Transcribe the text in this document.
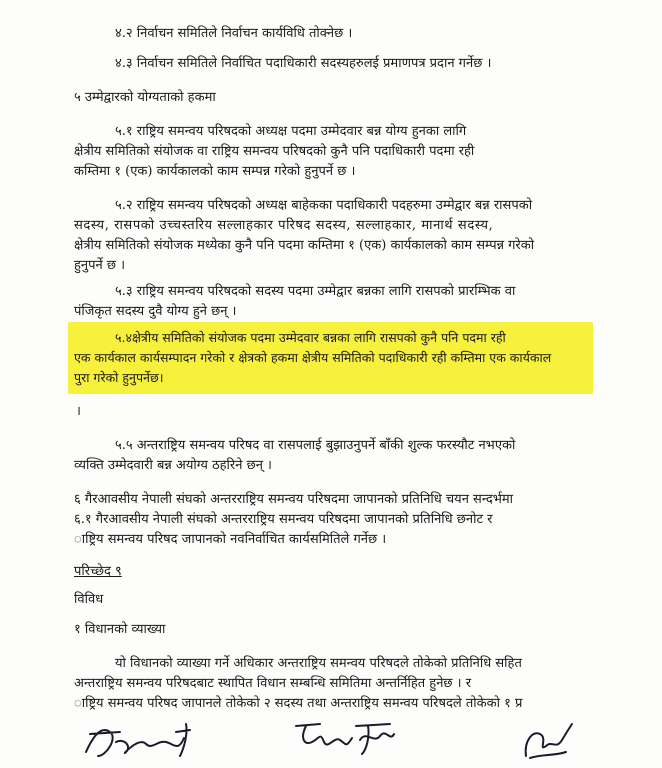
४.२ निर्वाचन समितिले निर्वाचन कार्यविधि तोक्नेछ ।

४.३ निर्वाचन समितिले निर्वाचित पदाधिकारी सदस्यहरुलई प्रमाणपत्र प्रदान गर्नेछ ।

५ उम्मेद्वारको योग्यताको हकमा

५.१ राष्ट्रिय समन्वय परिषदको अध्यक्ष पदमा उम्मेदवार बन्न योग्य हुनका लागि

क्षेत्रीय समितिको संयोजक वा राष्ट्रिय समन्वय परिषदको कुनै पनि पदाधिकारी पदमा रही

कम्तिमा १ (एक) कार्यकालको काम सम्पन्न गरेको हुनुपर्ने छ ।

५.२ राष्ट्रिय समन्वय परिषदको अध्यक्ष बाहेकका पदाधिकारी पदहरुमा उम्मेद्वार बन्न रासपको

सदस्य, रासपको उच्चस्तरिय सल्लाहकार परिषद सदस्य, सल्लाहकार, मानार्थ सदस्य,

क्षेत्रीय समितिको संयोजक मध्येका कुनै पनि पदमा कम्तिमा १ (एक) कार्यकालको काम सम्पन्न गरेको

हुनुपर्ने छ ।

५.३ राष्ट्रिय समन्वय परिषदको सदस्य पदमा उम्मेद्वार बन्नका लागि रासपको प्रारम्भिक वा

पंजिकृत सदस्य दुवै योग्य हुने छन् ।

५.४क्षेत्रीय समितिको संयोजक पदमा उम्मेदवार बन्नका लागि रासपको कुनै पनि पदमा रही

एक कार्यकाल कार्यसम्पादन गरेको र क्षेत्रको हकमा क्षेत्रीय समितिको पदाधिकारी रही कम्तिमा एक कार्यकाल

पुरा गरेको हुनुपर्नेछ।

।

५.५ अन्तराष्ट्रिय समन्वय परिषद वा रासपलाई बुझाउनुपर्ने बाँकी शुल्क फरस्यौट नभएको

व्यक्ति उम्मेदवारी बन्न अयोग्य ठहरिने छन् ।

६ गैरआवसीय नेपाली संघको अन्तरराष्ट्रिय समन्वय परिषदमा जापानको प्रतिनिधि चयन सन्दर्भमा

६.१ गैरआवसीय नेपाली संघको अन्तरराष्ट्रिय समन्वय परिषदमा जापानको प्रतिनिधि छनोट र

ाष्ट्रिय समन्वय परिषद जापानको नवनिर्वाचित कार्यसमितिले गर्नेछ ।

परिच्छेद ९

विविध

१ विधानको व्याख्या

यो विधानको व्याख्या गर्ने अधिकार अन्तराष्ट्रिय समन्वय परिषदले तोकेको प्रतिनिधि सहित

अन्तराष्ट्रिय समन्वय परिषदबाट स्थापित विधान सम्बन्धि समितिमा अन्तर्निहित हुनेछ । र

ाष्ट्रिय समन्वय परिषद जापानले तोकेको २ सदस्य तथा अन्तराष्ट्रिय समन्वय परिषदले तोकेको १ प्र
